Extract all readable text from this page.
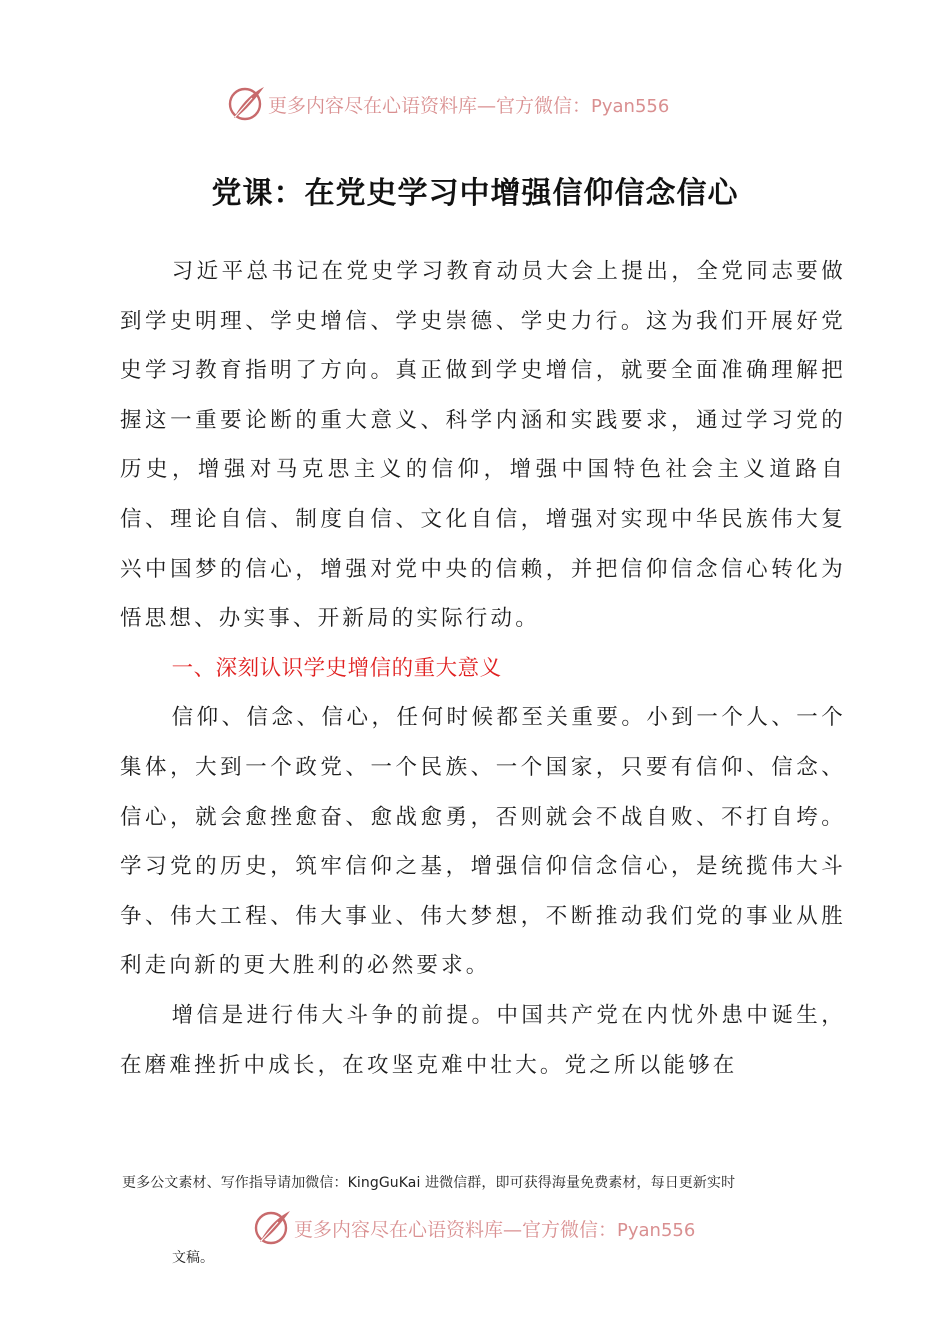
更多内容尽在心语资料库—官方微信：Pyan556
党课：在党史学习中增强信仰信念信心

习近平总书记在党史学习教育动员大会上提出，全党同志要做到学史明理、学史增信、学史崇德、学史力行。这为我们开展好党史学习教育指明了方向。真正做到学史增信，就要全面准确理解把握这一重要论断的重大意义、科学内涵和实践要求，通过学习党的历史，增强对马克思主义的信仰，增强中国特色社会主义道路自信、理论自信、制度自信、文化自信，增强对实现中华民族伟大复兴中国梦的信心，增强对党中央的信赖，并把信仰信念信心转化为悟思想、办实事、开新局的实际行动。

一、深刻认识学史增信的重大意义

信仰、信念、信心，任何时候都至关重要。小到一个人、一个集体，大到一个政党、一个民族、一个国家，只要有信仰、信念、信心，就会愈挫愈奋、愈战愈勇，否则就会不战自败、不打自垮。学习党的历史，筑牢信仰之基，增强信仰信念信心，是统揽伟大斗争、伟大工程、伟大事业、伟大梦想，不断推动我们党的事业从胜利走向新的更大胜利的必然要求。

增信是进行伟大斗争的前提。中国共产党在内忧外患中诞生，在磨难挫折中成长，在攻坚克难中壮大。党之所以能够在

更多公文素材、写作指导请加微信：KingGuKai 进微信群，即可获得海量免费素材，每日更新实时
更多内容尽在心语资料库—官方微信：Pyan556
文稿。
